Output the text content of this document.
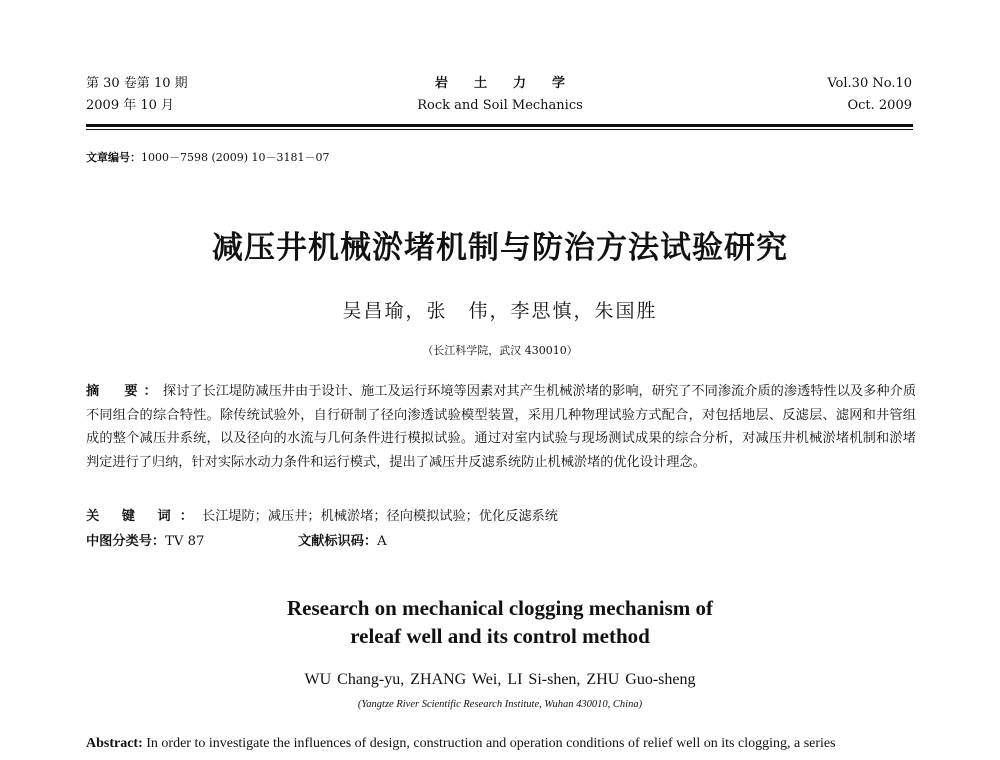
第 30 卷第 10 期
2009 年 10 月
岩土力学
Rock and Soil Mechanics
Vol.30 No.10
Oct. 2009
文章编号：1000－7598 (2009) 10－3181－07
减压井机械淤堵机制与防治方法试验研究
吴昌瑜，张　伟，李思慎，朱国胜
（长江科学院，武汉 430010）
摘　要：探讨了长江堤防减压井由于设计、施工及运行环境等因素对其产生机械淤堵的影响，研究了不同渗流介质的渗透特性以及多种介质不同组合的综合特性。除传统试验外，自行研制了径向渗透试验模型装置，采用几种物理试验方式配合，对包括地层、反滤层、滤网和井管组成的整个减压井系统，以及径向的水流与几何条件进行模拟试验。通过对室内试验与现场测试成果的综合分析，对减压井机械淤堵机制和淤堵判定进行了归纳，针对实际水动力条件和运行模式，提出了减压井反滤系统防止机械淤堵的优化设计理念。
关 键 词：长江堤防；减压井；机械淤堵；径向模拟试验；优化反滤系统
中图分类号：TV 87	文献标识码：A
Research on mechanical clogging mechanism of
releaf well and its control method
WU Chang-yu, ZHANG Wei, LI Si-shen, ZHU Guo-sheng
(Yangtze River Scientific Research Institute, Wuhan 430010, China)
Abstract: In order to investigate the influences of design, construction and operation conditions of relief well on its clogging, a series
